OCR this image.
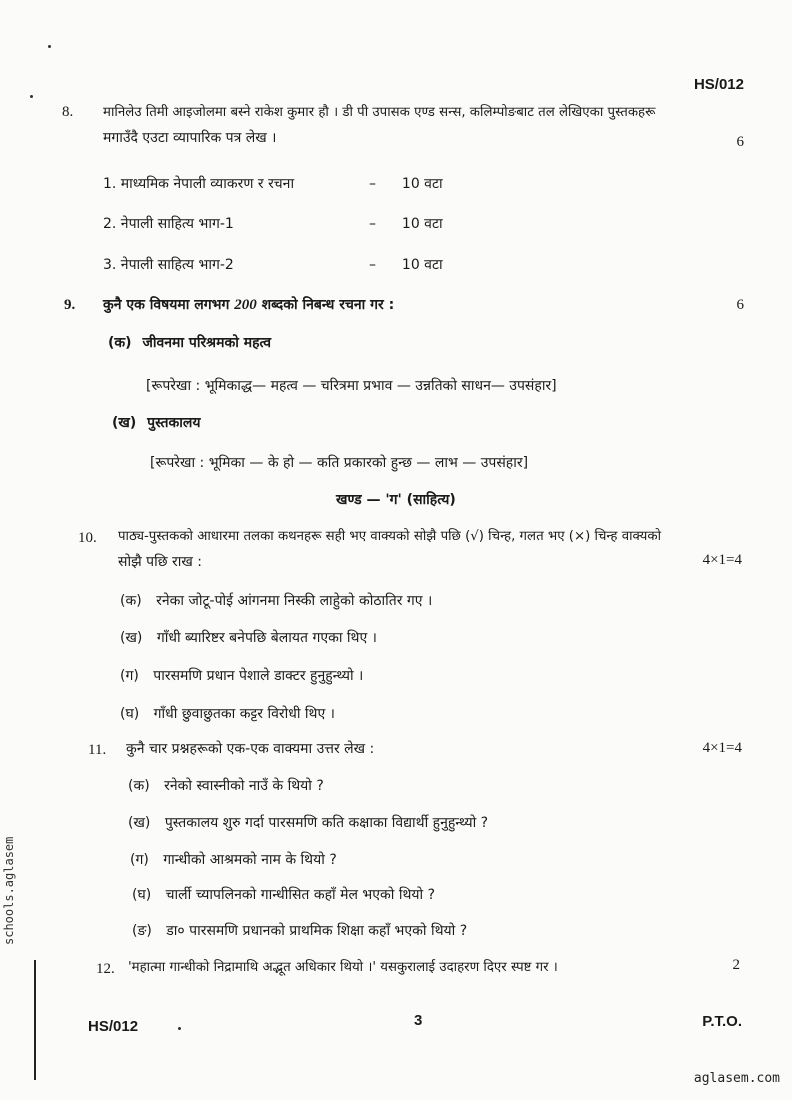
HS/012
8. मानिलेउ तिमी आइजोलमा बस्ने राकेश कुमार हौ । डी पी उपासक एण्ड सन्स, कलिम्पोङबाट तल लेखिएका पुस्तकहरू
मगाउँदै एउटा व्यापारिक पत्र लेख ।	6
1. माध्यमिक नेपाली व्याकरण र रचना	– 10 वटा
2. नेपाली साहित्य भाग-1	– 10 वटा
3. नेपाली साहित्य भाग-2	– 10 वटा
9. कुनै एक विषयमा लगभग 200 शब्दको निबन्ध रचना गर :	6
(क) जीवनमा परिश्रमको महत्व
[रूपरेखा : भूमिकाद्ध— महत्व — चरित्रमा प्रभाव — उन्नतिको साधन— उपसंहार]
(ख) पुस्तकालय
[रूपरेखा : भूमिका — के हो — कति प्रकारको हुन्छ — लाभ — उपसंहार]
खण्ड — 'ग' (साहित्य)
10. पाठ्य-पुस्तकको आधारमा तलका कथनहरू सही भए वाक्यको सोझै पछि (√) चिन्ह, गलत भए (×) चिन्ह वाक्यको
सोझै पछि राख :	4×1=4
(क) रनेका जोटू-पोई आंगनमा निस्की लाहुेको कोठातिर गए ।
(ख) गाँधी ब्यारिष्टर बनेपछि बेलायत गएका थिए ।
(ग) पारसमणि प्रधान पेशाले डाक्टर हुनुहुन्थ्यो ।
(घ) गाँधी छुवाछुतका कट्टर विरोधी थिए ।
11. कुनै चार प्रश्नहरूको एक-एक वाक्यमा उत्तर लेख :	4×1=4
(क) रनेको स्वास्नीको नाउँ के थियो ?
(ख) पुस्तकालय शुरु गर्दा पारसमणि कति कक्षाका विद्यार्थी हुनुहुन्थ्यो ?
(ग) गान्धीको आश्रमको नाम के थियो ?
(घ) चार्ली च्यापलिनको गान्धीसित कहाँ मेल भएको थियो ?
(ङ) डा० पारसमणि प्रधानको प्राथमिक शिक्षा कहाँ भएको थियो ?
12. 'महात्मा गान्धीको निद्रामाथि अद्भूत अधिकार थियो ।' यसकुरालाई उदाहरण दिएर स्पष्ट गर ।	2
HS/012	3	P.T.O.
schools.aglasem
aglasem.com
